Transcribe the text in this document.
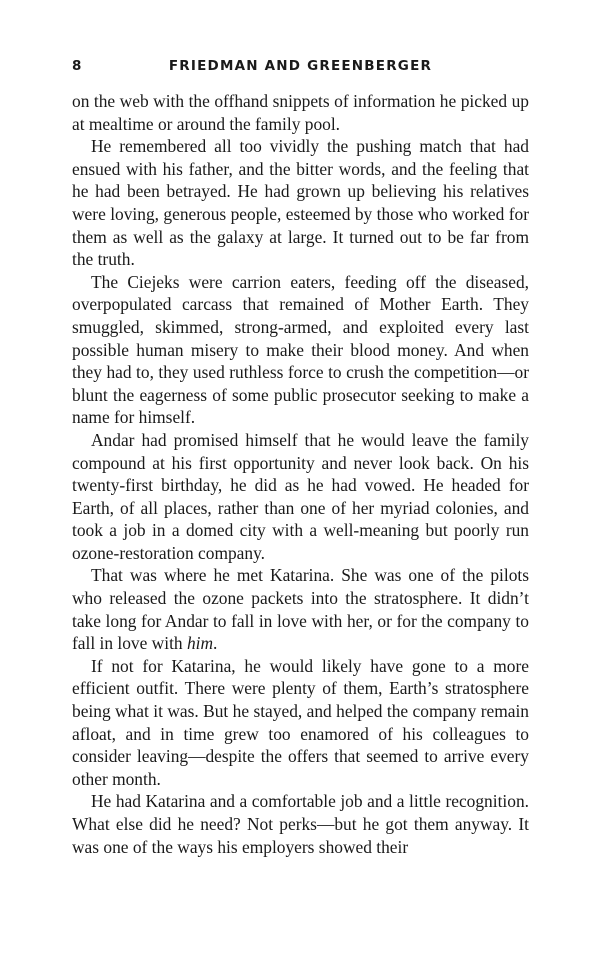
8	FRIEDMAN AND GREENBERGER

on the web with the offhand snippets of information he picked up at mealtime or around the family pool.

He remembered all too vividly the pushing match that had ensued with his father, and the bitter words, and the feeling that he had been betrayed. He had grown up believing his relatives were loving, generous people, esteemed by those who worked for them as well as the galaxy at large. It turned out to be far from the truth.

The Ciejeks were carrion eaters, feeding off the diseased, overpopulated carcass that remained of Mother Earth. They smuggled, skimmed, strong-armed, and exploited every last possible human misery to make their blood money. And when they had to, they used ruthless force to crush the competition—or blunt the eagerness of some public prosecutor seeking to make a name for himself.

Andar had promised himself that he would leave the family compound at his first opportunity and never look back. On his twenty-first birthday, he did as he had vowed. He headed for Earth, of all places, rather than one of her myriad colonies, and took a job in a domed city with a well-meaning but poorly run ozone-restoration company.

That was where he met Katarina. She was one of the pilots who released the ozone packets into the stratosphere. It didn’t take long for Andar to fall in love with her, or for the company to fall in love with him.

If not for Katarina, he would likely have gone to a more efficient outfit. There were plenty of them, Earth’s stratosphere being what it was. But he stayed, and helped the company remain afloat, and in time grew too enamored of his colleagues to consider leaving—despite the offers that seemed to arrive every other month.

He had Katarina and a comfortable job and a little recognition. What else did he need? Not perks—but he got them anyway. It was one of the ways his employers showed their
